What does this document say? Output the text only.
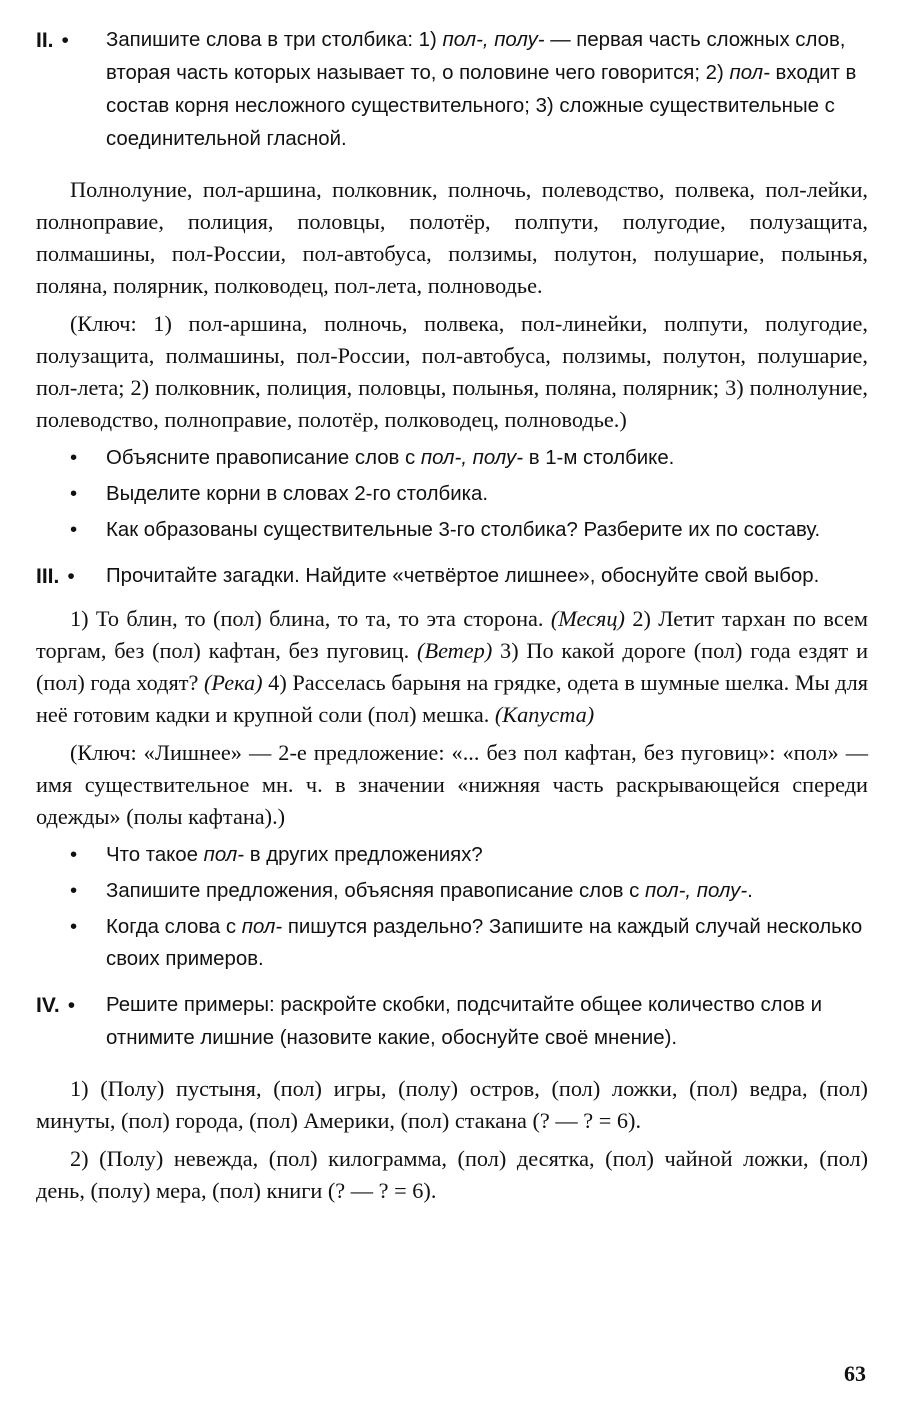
II. •	Запишите слова в три столбика: 1) пол-, полу- — первая часть сложных слов, вторая часть которых называет то, о половине чего говорится; 2) пол- входит в состав корня несложного существительного; 3) сложные существительные с соединительной гласной.

Полнолуние, пол-аршина, полковник, полночь, полеводство, полвека, пол-лейки, полноправие, полиция, половцы, полотёр, полпути, полугодие, полузащита, полмашины, пол-России, пол-автобуса, ползимы, полутон, полушарие, полынья, поляна, полярник, полководец, пол-лета, полноводье.

(Ключ: 1) пол-аршина, полночь, полвека, пол-линейки, полпути, полугодие, полузащита, полмашины, пол-России, пол-автобуса, ползимы, полутон, полушарие, пол-лета; 2) полковник, полиция, половцы, полынья, поляна, полярник; 3) полнолуние, полеводство, полноправие, полотёр, полководец, полноводье.)

•	Объясните правописание слов с пол-, полу- в 1-м столбике.
•	Выделите корни в словах 2-го столбика.
•	Как образованы существительные 3-го столбика? Разберите их по составу.
III. •	Прочитайте загадки. Найдите «четвёртое лишнее», обоснуйте свой выбор.

1) То блин, то (пол) блина, то та, то эта сторона. (Месяц) 2) Летит тархан по всем торгам, без (пол) кафтан, без пуговиц. (Ветер) 3) По какой дороге (пол) года ездят и (пол) года ходят? (Река) 4) Расселась барыня на грядке, одета в шумные шелка. Мы для неё готовим кадки и крупной соли (пол) мешка. (Капуста)

(Ключ: «Лишнее» — 2-е предложение: «... без пол кафтан, без пуговиц»: «пол» — имя существительное мн. ч. в значении «нижняя часть раскрывающейся спереди одежды» (полы кафтана).)

•	Что такое пол- в других предложениях?
•	Запишите предложения, объясняя правописание слов с пол-, полу-.
•	Когда слова с пол- пишутся раздельно? Запишите на каждый случай несколько своих примеров.
IV. •	Решите примеры: раскройте скобки, подсчитайте общее количество слов и отнимите лишние (назовите какие, обоснуйте своё мнение).

1) (Полу) пустыня, (пол) игры, (полу) остров, (пол) ложки, (пол) ведра, (пол) минуты, (пол) города, (пол) Америки, (пол) стакана (? — ? = 6).

2) (Полу) невежда, (пол) килограмма, (пол) десятка, (пол) чайной ложки, (пол) день, (полу) мера, (пол) книги (? — ? = 6).

63
